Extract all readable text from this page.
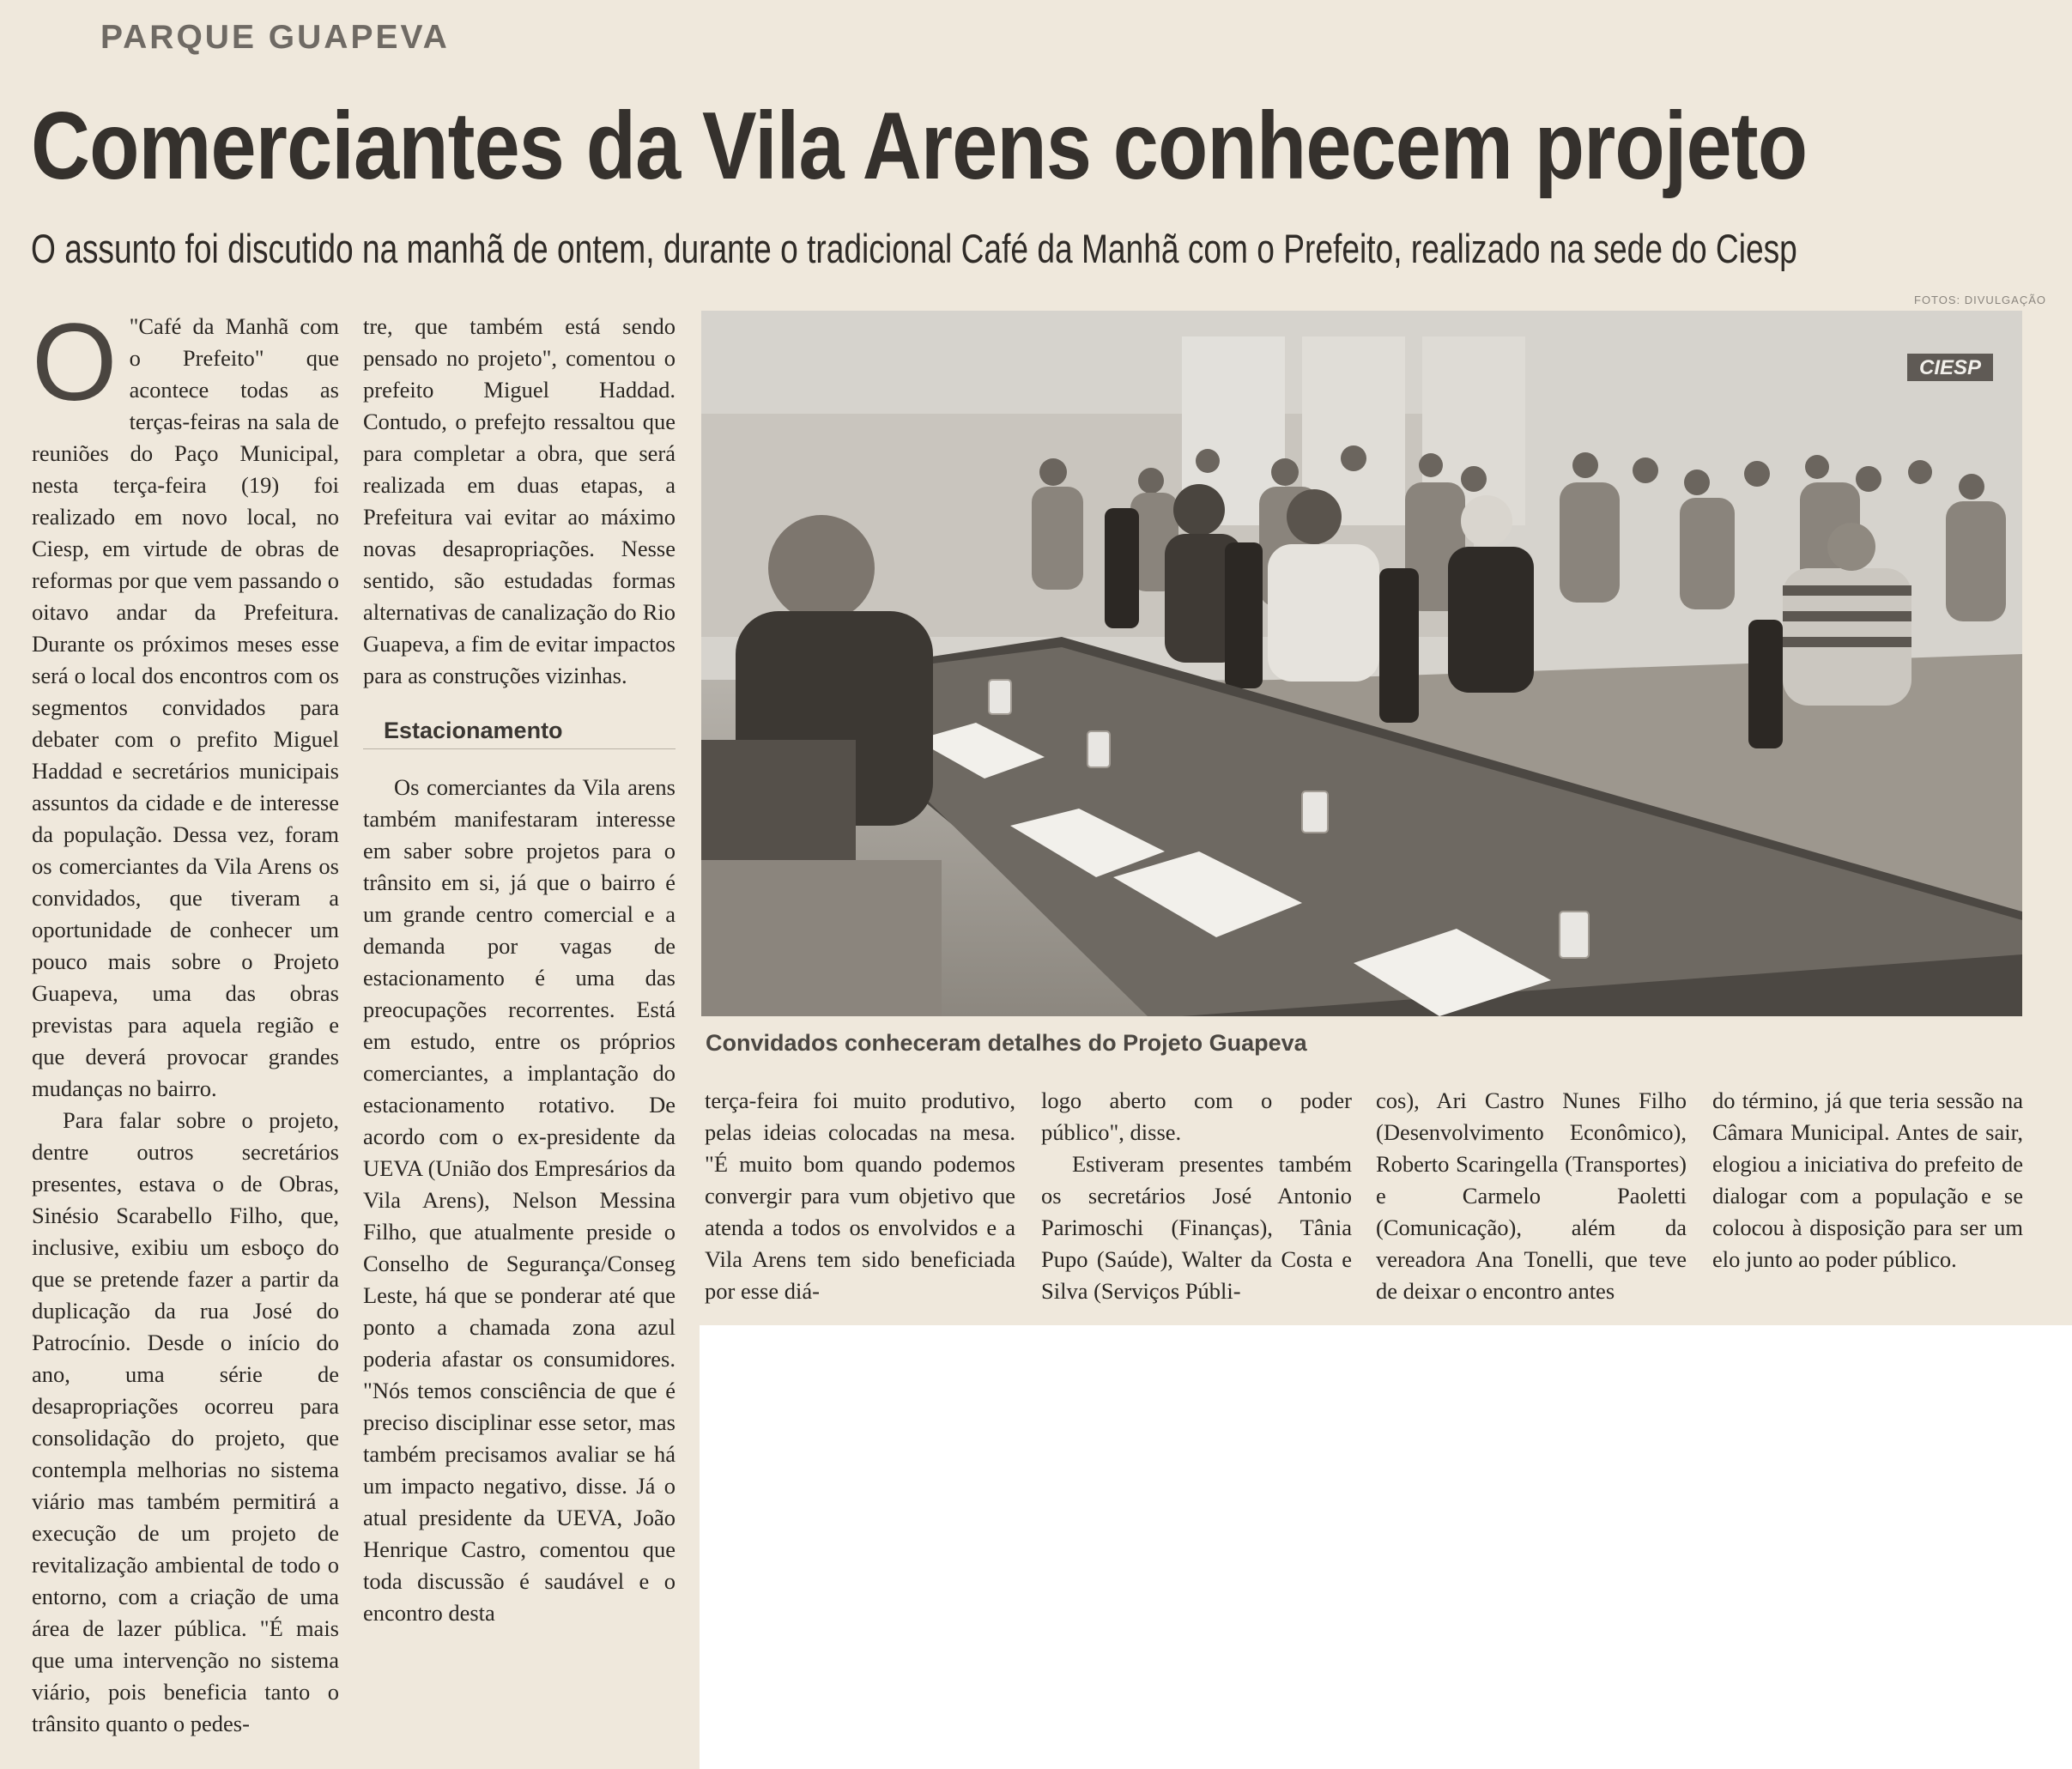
PARQUE GUAPEVA
Comerciantes da Vila Arens conhecem projeto
O assunto foi discutido na manhã de ontem, durante o tradicional Café da Manhã com o Prefeito, realizado na sede do Ciesp
FOTOS: DIVULGAÇÃO
CIESP
Convidados conheceram detalhes do Projeto Guapeva
O "Café da Manhã com o Prefeito" que acontece todas as terças-feiras na sala de reuniões do Paço Municipal, nesta terça-feira (19) foi realizado em novo local, no Ciesp, em virtude de obras de reformas por que vem passando o oitavo andar da Prefeitura. Durante os próximos meses esse será o local dos encontros com os segmentos convidados para debater com o prefito Miguel Haddad e secretários municipais assuntos da cidade e de interesse da população. Dessa vez, foram os comerciantes da Vila Arens os convidados, que tiveram a oportunidade de conhecer um pouco mais sobre o Projeto Guapeva, uma das obras previstas para aquela região e que deverá provocar grandes mudanças no bairro.

Para falar sobre o projeto, dentre outros secretários presentes, estava o de Obras, Sinésio Scarabello Filho, que, inclusive, exibiu um esboço do que se pretende fazer a partir da duplicação da rua José do Patrocínio. Desde o início do ano, uma série de desapropriações ocorreu para consolidação do projeto, que contempla melhorias no sistema viário mas também permitirá a execução de um projeto de revitalização ambiental de todo o entorno, com a criação de uma área de lazer pública. "É mais que uma intervenção no sistema viário, pois beneficia tanto o trânsito quanto o pedes-

tre, que também está sendo pensado no projeto", comentou o prefeito Miguel Haddad. Contudo, o prefejto ressaltou que para completar a obra, que será realizada em duas etapas, a Prefeitura vai evitar ao máximo novas desapropriações. Nesse sentido, são estudadas formas alternativas de canalização do Rio Guapeva, a fim de evitar impactos para as construções vizinhas.

Estacionamento

Os comerciantes da Vila arens também manifestaram interesse em saber sobre projetos para o trânsito em si, já que o bairro é um grande centro comercial e a demanda por vagas de estacionamento é uma das preocupações recorrentes. Está em estudo, entre os próprios comerciantes, a implantação do estacionamento rotativo. De acordo com o ex-presidente da UEVA (União dos Empresários da Vila Arens), Nelson Messina Filho, que atualmente preside o Conselho de Segurança/Conseg Leste, há que se ponderar até que ponto a chamada zona azul poderia afastar os consumidores. "Nós temos consciência de que é preciso disciplinar esse setor, mas também precisamos avaliar se há um impacto negativo, disse. Já o atual presidente da UEVA, João Henrique Castro, comentou que toda discussão é saudável e o encontro desta

terça-feira foi muito produtivo, pelas ideias colocadas na mesa. "É muito bom quando podemos convergir para vum objetivo que atenda a todos os envolvidos e a Vila Arens tem sido beneficiada por esse diá-

logo aberto com o poder público", disse.

Estiveram presentes também os secretários José Antonio Parimoschi (Finanças), Tânia Pupo (Saúde), Walter da Costa e Silva (Serviços Públi-

cos), Ari Castro Nunes Filho (Desenvolvimento Econômico), Roberto Scaringella (Transportes) e Carmelo Paoletti (Comunicação), além da vereadora Ana Tonelli, que teve de deixar o encontro antes

do término, já que teria sessão na Câmara Municipal. Antes de sair, elogiou a iniciativa do prefeito de dialogar com a população e se colocou à disposição para ser um elo junto ao poder público.
